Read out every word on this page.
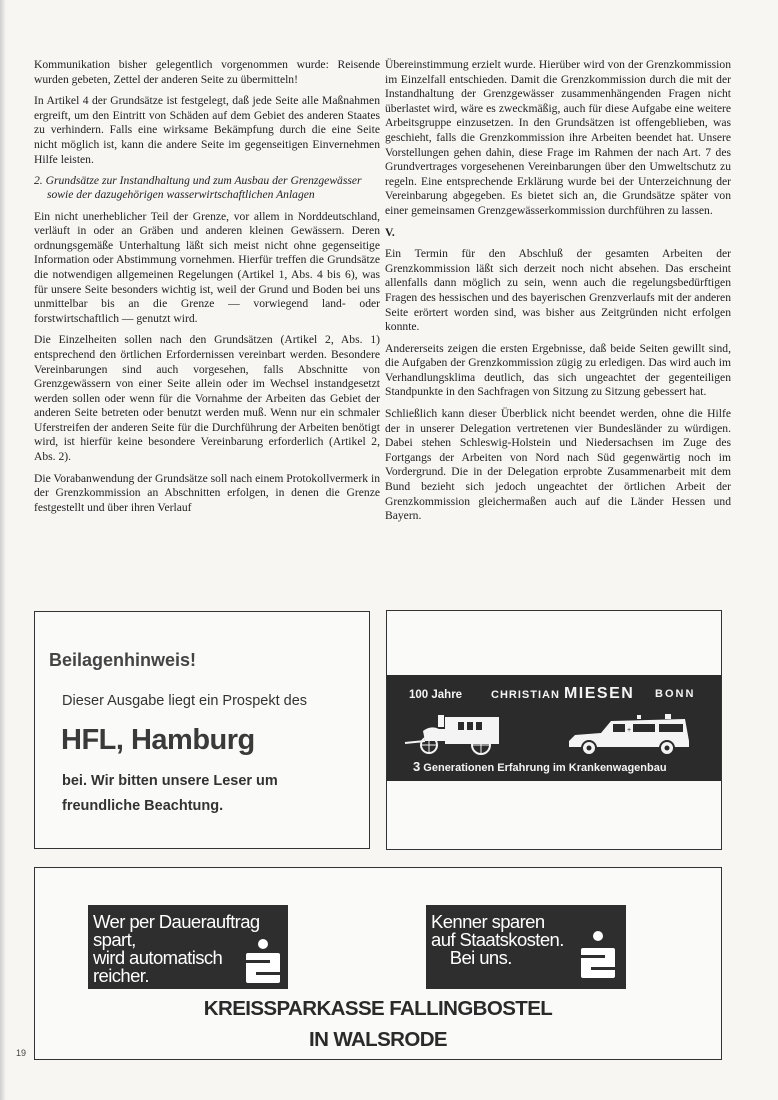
Kommunikation bisher gelegentlich vorgenommen wurde: Reisende wurden gebeten, Zettel der anderen Seite zu übermitteln!

In Artikel 4 der Grundsätze ist festgelegt, daß jede Seite alle Maßnahmen ergreift, um den Eintritt von Schäden auf dem Gebiet des anderen Staates zu verhindern. Falls eine wirksame Bekämpfung durch die eine Seite nicht möglich ist, kann die andere Seite im gegenseitigen Einvernehmen Hilfe leisten.

2. Grundsätze zur Instandhaltung und zum Ausbau der Grenzgewässer sowie der dazugehörigen wasserwirtschaftlichen Anlagen

Ein nicht unerheblicher Teil der Grenze, vor allem in Norddeutschland, verläuft in oder an Gräben und anderen kleinen Gewässern. Deren ordnungsgemäße Unterhaltung läßt sich meist nicht ohne gegenseitige Information oder Abstimmung vornehmen. Hierfür treffen die Grundsätze die notwendigen allgemeinen Regelungen (Artikel 1, Abs. 4 bis 6), was für unsere Seite besonders wichtig ist, weil der Grund und Boden bei uns unmittelbar bis an die Grenze — vorwiegend land- oder forstwirtschaftlich — genutzt wird.

Die Einzelheiten sollen nach den Grundsätzen (Artikel 2, Abs. 1) entsprechend den örtlichen Erfordernissen vereinbart werden. Besondere Vereinbarungen sind auch vorgesehen, falls Abschnitte von Grenzgewässern von einer Seite allein oder im Wechsel instandgesetzt werden sollen oder wenn für die Vornahme der Arbeiten das Gebiet der anderen Seite betreten oder benutzt werden muß. Wenn nur ein schmaler Uferstreifen der anderen Seite für die Durchführung der Arbeiten benötigt wird, ist hierfür keine besondere Vereinbarung erforderlich (Artikel 2, Abs. 2).

Die Vorabanwendung der Grundsätze soll nach einem Protokollvermerk in der Grenzkommission an Abschnitten erfolgen, in denen die Grenze festgestellt und über ihren Verlauf

Übereinstimmung erzielt wurde. Hierüber wird von der Grenzkommission im Einzelfall entschieden. Damit die Grenzkommission durch die mit der Instandhaltung der Grenzgewässer zusammenhängenden Fragen nicht überlastet wird, wäre es zweckmäßig, auch für diese Aufgabe eine weitere Arbeitsgruppe einzusetzen. In den Grundsätzen ist offengeblieben, was geschieht, falls die Grenzkommission ihre Arbeiten beendet hat. Unsere Vorstellungen gehen dahin, diese Frage im Rahmen der nach Art. 7 des Grundvertrages vorgesehenen Vereinbarungen über den Umweltschutz zu regeln. Eine entsprechende Erklärung wurde bei der Unterzeichnung der Vereinbarung abgegeben. Es bietet sich an, die Grundsätze später von einer gemeinsamen Grenzgewässerkommission durchführen zu lassen.

V.

Ein Termin für den Abschluß der gesamten Arbeiten der Grenzkommission läßt sich derzeit noch nicht absehen. Das erscheint allenfalls dann möglich zu sein, wenn auch die regelungsbedürftigen Fragen des hessischen und des bayerischen Grenzverlaufs mit der anderen Seite erörtert worden sind, was bisher aus Zeitgründen nicht erfolgen konnte.

Andererseits zeigen die ersten Ergebnisse, daß beide Seiten gewillt sind, die Aufgaben der Grenzkommission zügig zu erledigen. Das wird auch im Verhandlungsklima deutlich, das sich ungeachtet der gegenteiligen Standpunkte in den Sachfragen von Sitzung zu Sitzung gebessert hat.

Schließlich kann dieser Überblick nicht beendet werden, ohne die Hilfe der in unserer Delegation vertretenen vier Bundesländer zu würdigen. Dabei stehen Schleswig-Holstein und Niedersachsen im Zuge des Fortgangs der Arbeiten von Nord nach Süd gegenwärtig noch im Vordergrund. Die in der Delegation erprobte Zusammenarbeit mit dem Bund bezieht sich jedoch ungeachtet der örtlichen Arbeit der Grenzkommission gleichermaßen auch auf die Länder Hessen und Bayern.

Beilagenhinweis!
Dieser Ausgabe liegt ein Prospekt des
HFL, Hamburg
bei. Wir bitten unsere Leser um
freundliche Beachtung.
100 Jahre	CHRISTIAN MIESEN BONN
+
3 Generationen Erfahrung im Krankenwagenbau
Wer per Dauerauftrag spart,
wird automatisch
reicher.
Kenner sparen
auf Staatskosten.
Bei uns.
KREISSPARKASSE FALLINGBOSTEL
IN WALSRODE
19
